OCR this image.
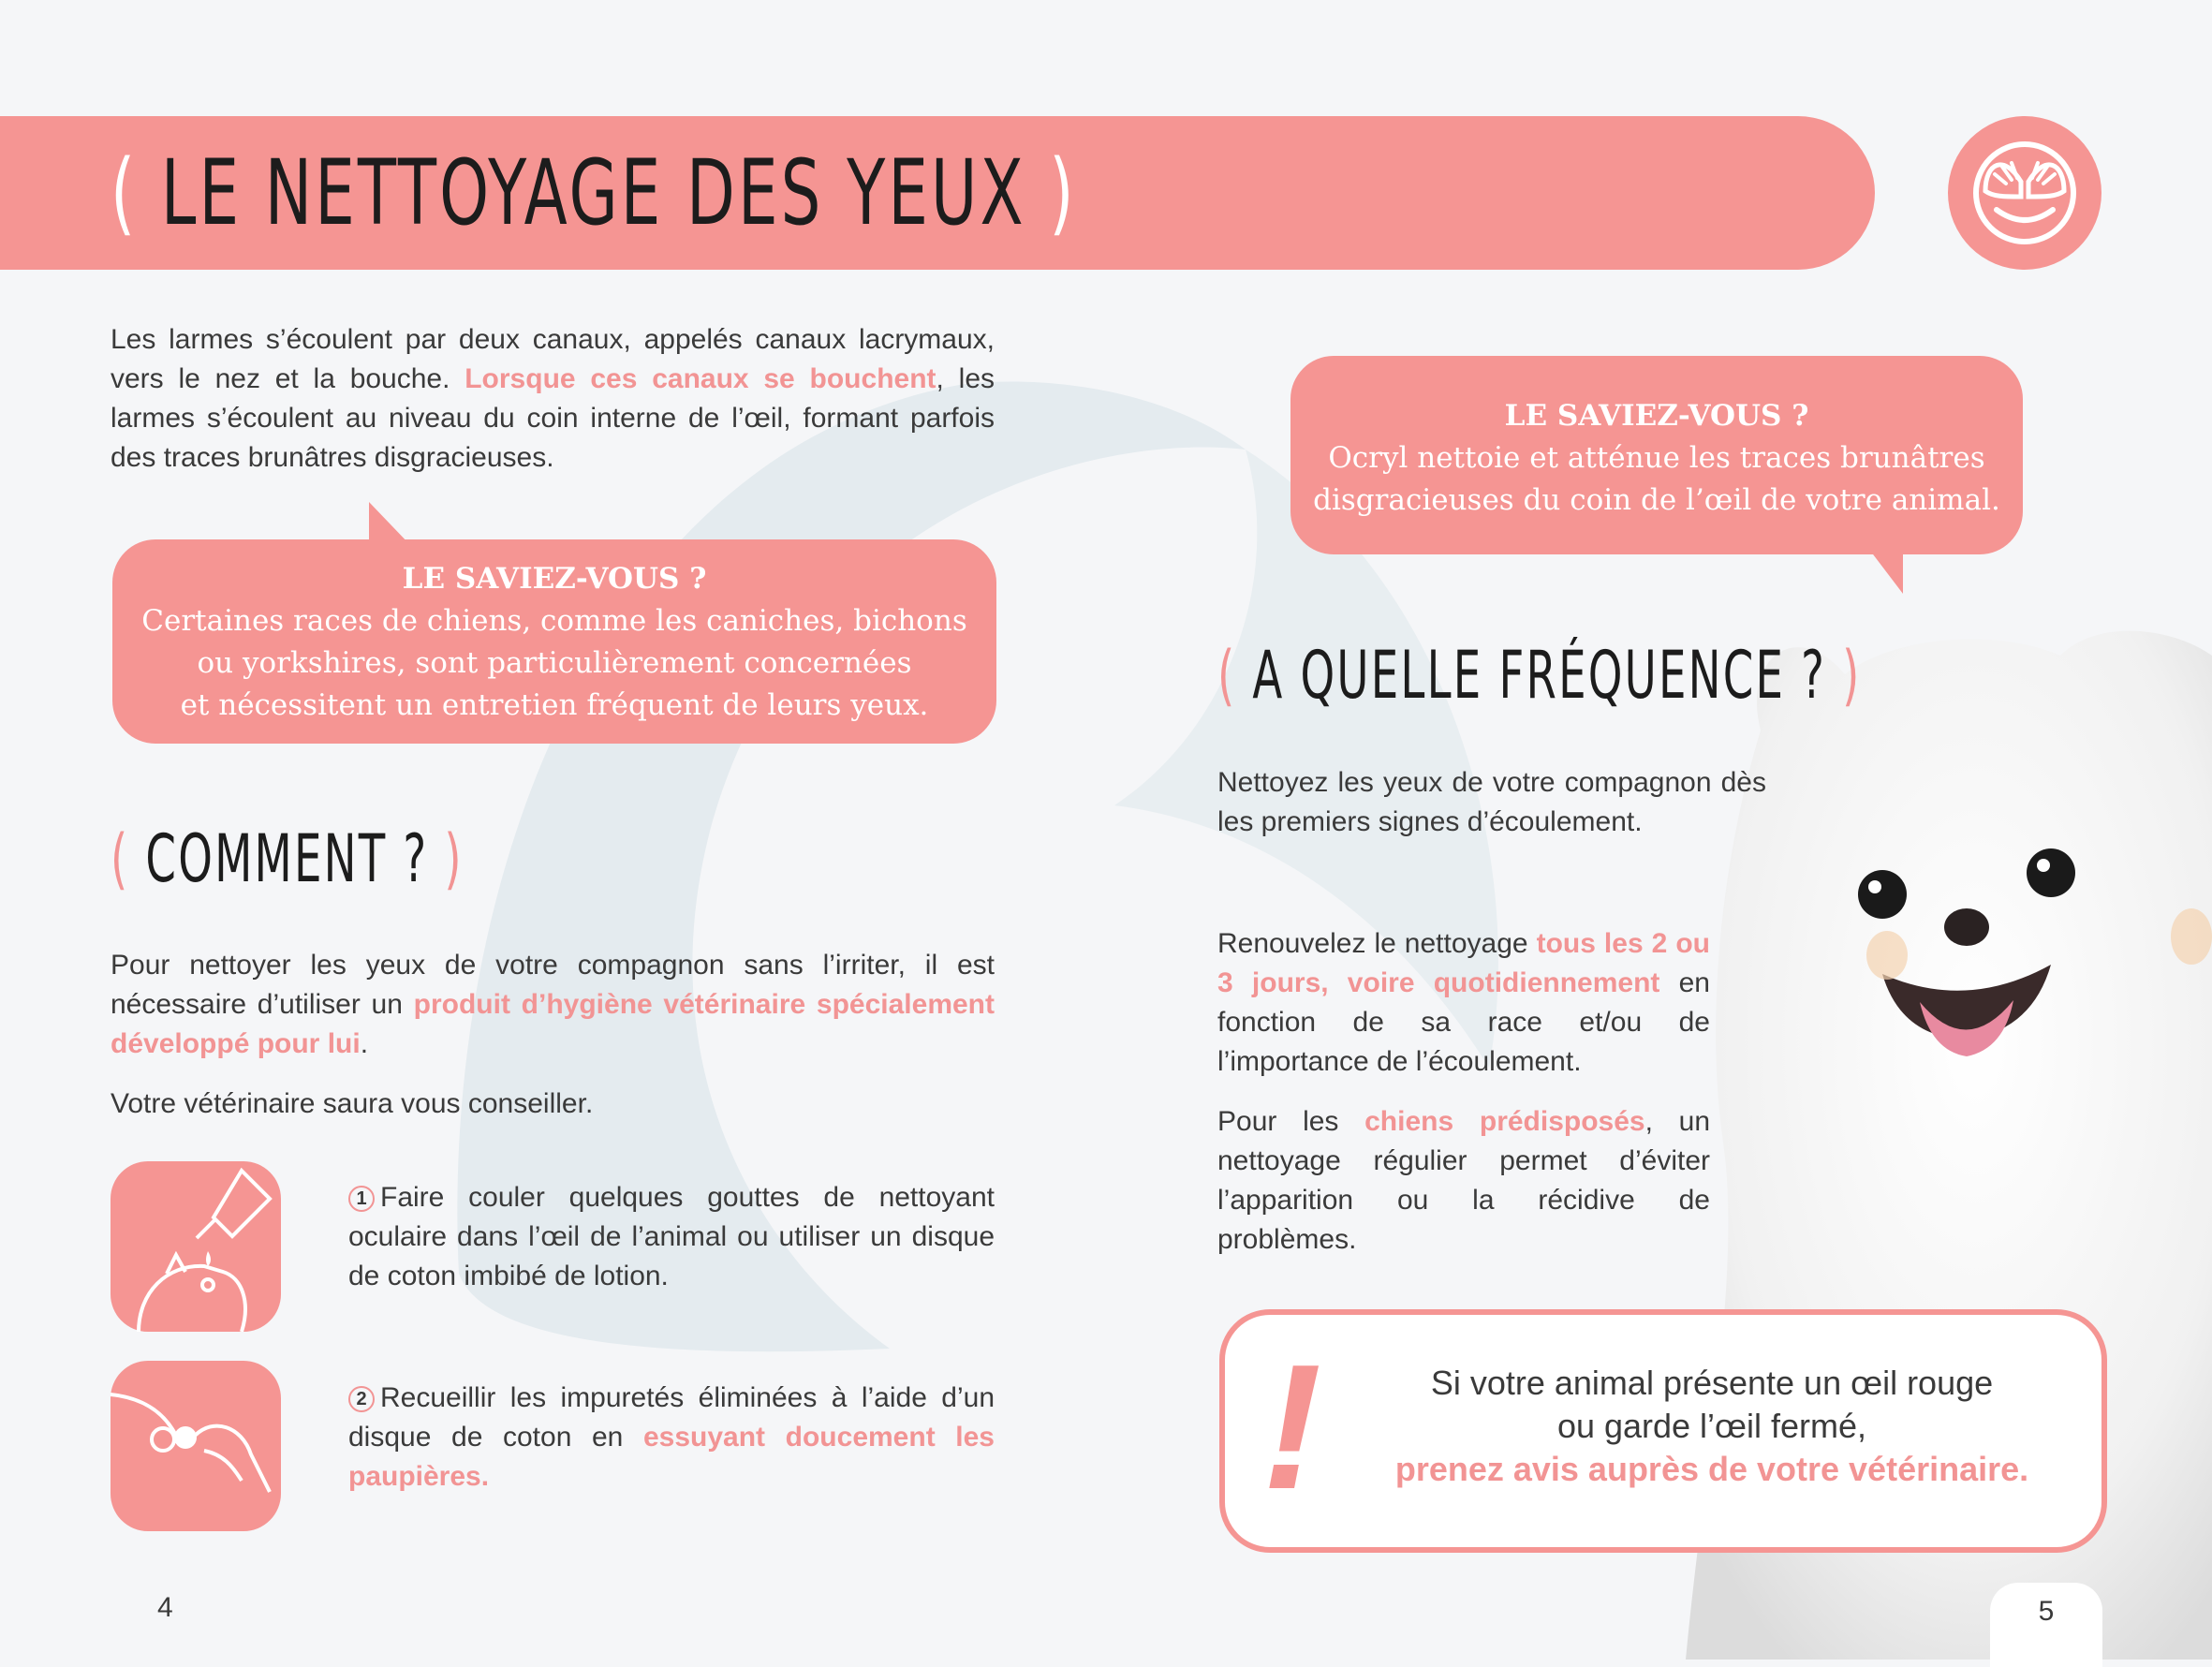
( LE NETTOYAGE DES YEUX )

Les larmes s’écoulent par deux canaux, appelés canaux lacrymaux, vers le nez et la bouche. Lorsque ces canaux se bouchent, les larmes s’écoulent au niveau du coin interne de l’œil, formant parfois des traces brunâtres disgracieuses.

LE SAVIEZ-VOUS ?
Certaines races de chiens, comme les caniches, bichons
ou yorkshires, sont particulièrement concernées
et nécessitent un entretien fréquent de leurs yeux.
( COMMENT ? )

Pour nettoyer les yeux de votre compagnon sans l’irriter, il est nécessaire d’utiliser un produit d’hygiène vétérinaire spécialement développé pour lui.

Votre vétérinaire saura vous conseiller.

1 Faire couler quelques gouttes de nettoyant oculaire dans l’œil de l’animal ou utiliser un disque de coton imbibé de lotion.

2 Recueillir les impuretés éliminées à l’aide d’un disque de coton en essuyant doucement les paupières.

4
LE SAVIEZ-VOUS ?
Ocryl nettoie et atténue les traces brunâtres
disgracieuses du coin de l’œil de votre animal.
( A QUELLE FRÉQUENCE ? )

Nettoyez les yeux de votre compagnon dès les premiers signes d’écoulement.

Renouvelez le nettoyage tous les 2 ou 3 jours, voire quotidiennement en fonction de sa race et/ou de l’importance de l’écoulement.

Pour les chiens prédisposés, un nettoyage régulier permet d’éviter l’apparition ou la récidive de problèmes.

!	Si votre animal présente un œil rouge
ou garde l’œil fermé,
prenez avis auprès de votre vétérinaire.
5
